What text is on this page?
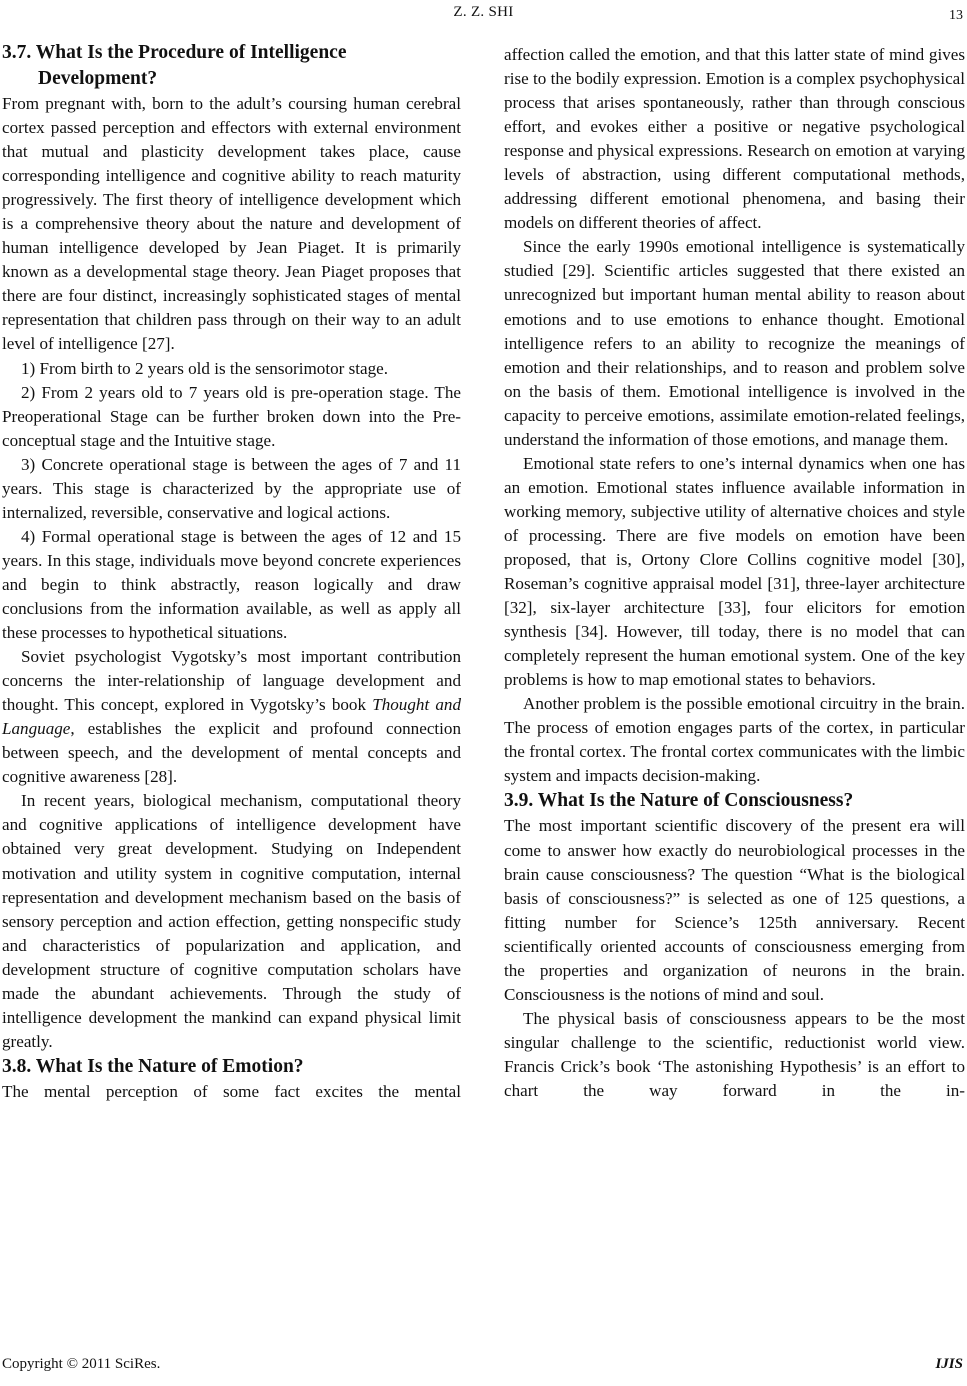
Z. Z. SHI	13
3.7. What Is the Procedure of Intelligence
Development?

From pregnant with, born to the adult’s coursing human cerebral cortex passed perception and effectors with external environment that mutual and plasticity development takes place, cause corresponding intelligence and cognitive ability to reach maturity progressively. The first theory of intelligence development which is a comprehensive theory about the nature and development of human intelligence developed by Jean Piaget. It is primarily known as a developmental stage theory. Jean Piaget proposes that there are four distinct, increasingly sophisticated stages of mental representation that children pass through on their way to an adult level of intelligence [27].

1) From birth to 2 years old is the sensorimotor stage.

2) From 2 years old to 7 years old is pre-operation stage. The Preoperational Stage can be further broken down into the Pre-conceptual stage and the Intuitive stage.

3) Concrete operational stage is between the ages of 7 and 11 years. This stage is characterized by the appropriate use of internalized, reversible, conservative and logical actions.

4) Formal operational stage is between the ages of 12 and 15 years. In this stage, individuals move beyond concrete experiences and begin to think abstractly, reason logically and draw conclusions from the information available, as well as apply all these processes to hypothetical situations.

Soviet psychologist Vygotsky’s most important contribution concerns the inter-relationship of language development and thought. This concept, explored in Vygotsky’s book Thought and Language, establishes the explicit and profound connection between speech, and the development of mental concepts and cognitive awareness [28].

In recent years, biological mechanism, computational theory and cognitive applications of intelligence development have obtained very great development. Studying on Independent motivation and utility system in cognitive computation, internal representation and development mechanism based on the basis of sensory perception and action effection, getting nonspecific study and characteristics of popularization and application, and development structure of cognitive computation scholars have made the abundant achievements. Through the study of intelligence development the mankind can expand physical limit greatly.

3.8. What Is the Nature of Emotion?

The mental perception of some fact excites the mental

affection called the emotion, and that this latter state of mind gives rise to the bodily expression. Emotion is a complex psychophysical process that arises spontaneously, rather than through conscious effort, and evokes either a positive or negative psychological response and physical expressions. Research on emotion at varying levels of abstraction, using different computational methods, addressing different emotional phenomena, and basing their models on different theories of affect.

Since the early 1990s emotional intelligence is systematically studied [29]. Scientific articles suggested that there existed an unrecognized but important human mental ability to reason about emotions and to use emotions to enhance thought. Emotional intelligence refers to an ability to recognize the meanings of emotion and their relationships, and to reason and problem solve on the basis of them. Emotional intelligence is involved in the capacity to perceive emotions, assimilate emotion-related feelings, understand the information of those emotions, and manage them.

Emotional state refers to one’s internal dynamics when one has an emotion. Emotional states influence available information in working memory, subjective utility of alternative choices and style of processing. There are five models on emotion have been proposed, that is, Ortony Clore Collins cognitive model [30], Roseman’s cognitive appraisal model [31], three-layer architecture [32], six-layer architecture [33], four elicitors for emotion synthesis [34]. However, till today, there is no model that can completely represent the human emotional system. One of the key problems is how to map emotional states to behaviors.

Another problem is the possible emotional circuitry in the brain. The process of emotion engages parts of the cortex, in particular the frontal cortex. The frontal cortex communicates with the limbic system and impacts decision-making.

3.9. What Is the Nature of Consciousness?

The most important scientific discovery of the present era will come to answer how exactly do neurobiological processes in the brain cause consciousness? The question “What is the biological basis of consciousness?” is selected as one of 125 questions, a fitting number for Science’s 125th anniversary. Recent scientifically oriented accounts of consciousness emerging from the properties and organization of neurons in the brain. Consciousness is the notions of mind and soul.

The physical basis of consciousness appears to be the most singular challenge to the scientific, reductionist world view. Francis Crick’s book ‘The astonishing Hypothesis’ is an effort to chart the way forward in the in-

Copyright © 2011 SciRes.	IJIS
